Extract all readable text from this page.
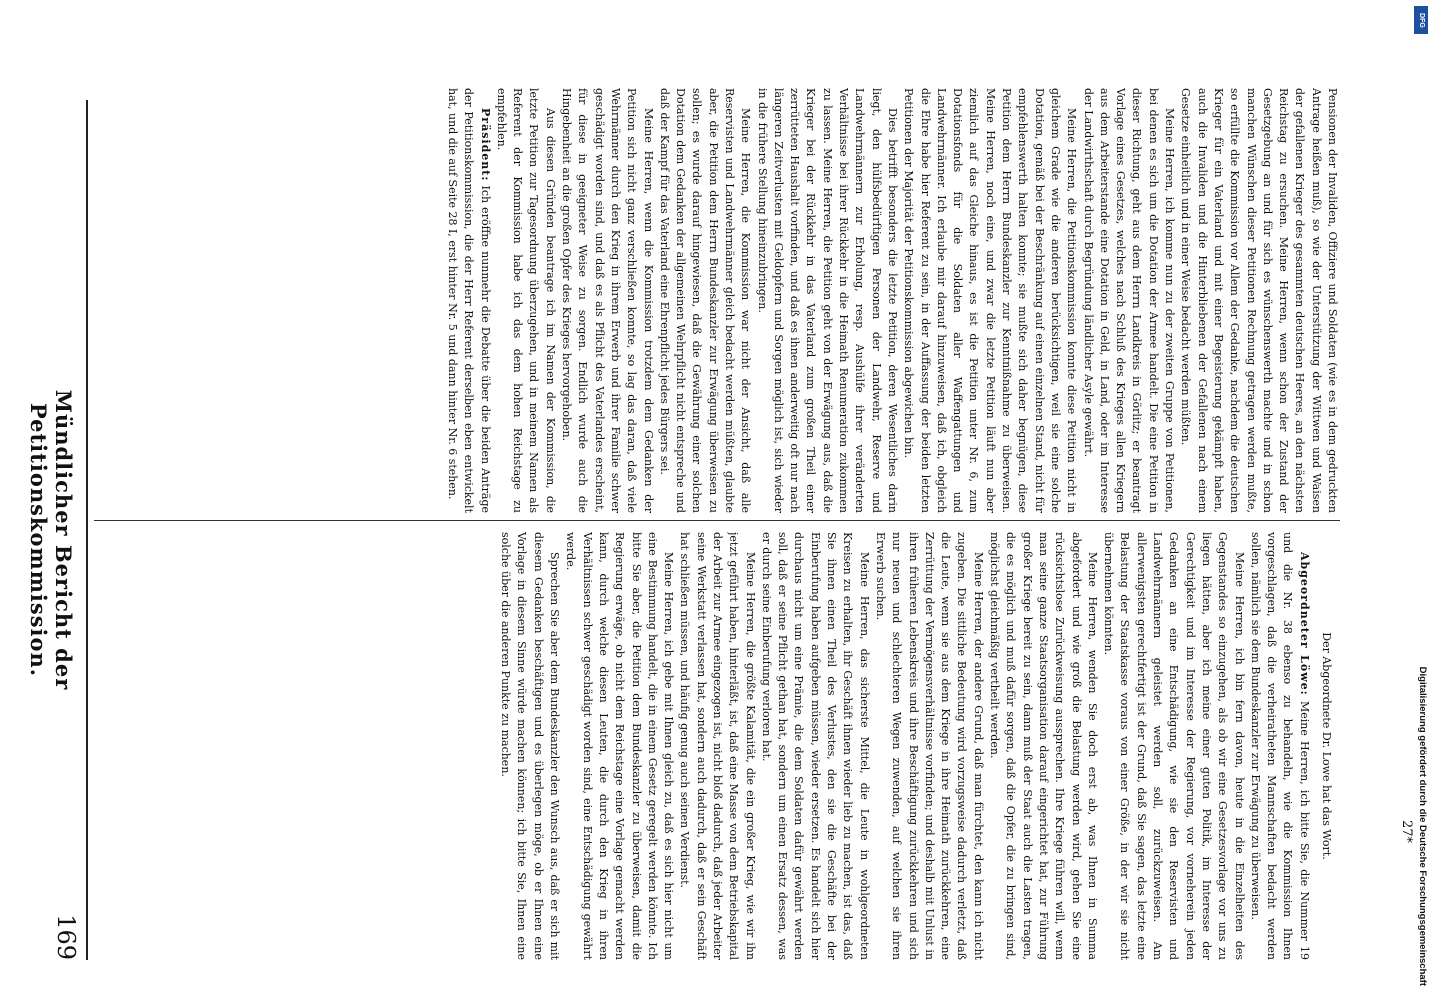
Mündlicher Bericht der Petitionskommission.
169

Pensionen der Invaliden, Offiziere und Soldaten (wie es in dem gedruckten Antrage heißen muß), so wie der Unterstützung der Wittwen und Waisen der gefallenen Krieger des gesammten deutschen Heeres, an den nächsten Reichstag zu ersuchen. Meine Herren, wenn schon der Zustand der Gesetzgebung an und für sich es wünschenswerth machte und in schon manchen Wünschen dieser Petitionen Rechnung getragen werden mußte, so erfüllte die Kommission vor Allem der Gedanke, nachdem die deutschen Krieger für ein Vaterland und mit einer Begeisterung gekämpft haben, auch die Invaliden und die Hinterbliebenen der Gefallenen nach einem Gesetze einheitlich und in einer Weise bedacht werden müßten.

Meine Herren, ich komme nun zu der zweiten Gruppe von Petitionen, bei denen es sich um die Dotation der Armee handelt. Die eine Petition in dieser Richtung, geht aus dem Herrn Landkreis in Görlitz; er beantragt Vorlage eines Gesetzes, welches nach Schluß des Krieges allen Kriegern aus dem Arbeiterstande eine Dotation in Geld, in Land, oder im Interesse der Landwirthschaft durch Begründung ländlicher Asyle gewährt.

Meine Herren, die Petitionskommission konnte diese Petition nicht in gleichem Grade wie die anderen berücksichtigen, weil sie eine solche Dotation, gemäß bei der Beschränkung auf einen einzelnen Stand, nicht für empfehlenswerth halten konnte; sie mußte sich daher begnügen, diese Petition dem Herrn Bundeskanzler zur Kenntnißnahme zu überweisen. Meine Herren, noch eine, und zwar die letzte Petition läuft nun aber ziemlich auf das Gleiche hinaus, es ist die Petition unter Nr. 6, zum Dotationsfonds für die Soldaten aller Waffengattungen und Landwehrmänner. Ich erlaube mir darauf hinzuweisen, daß ich, obgleich die Ehre habe hier Referent zu sein, in der Auffassung der beiden letzten Petitionen der Majorität der Petitionskommission abgewichen bin.

Dies betrifft besonders die letzte Petition, deren Wesentliches darin liegt, den hülfsbedürftigen Personen der Landwehr, Reserve und Landwehrmännern zur Erholung, resp. Aushülfe ihrer veränderten Verhältnisse bei ihrer Rückkehr in die Heimath Renumeration zukommen zu lassen. Meine Herren, die Petition geht von der Erwägung aus, daß die Krieger bei der Rückkehr in das Vaterland zum großen Theil einer zerrütteten Haushalt vorfinden, und daß es ihnen anderweitig oft nur nach längeren Zeitverlusten mit Geldopfern und Sorgen möglich ist, sich wieder in die frühere Stellung hineinzubringen.

Meine Herren, die Kommission war nicht der Ansicht, daß alle Reservisten und Landwehrmänner gleich bedacht werden müßten, glaubte aber, die Petition dem Herrn Bundeskanzler zur Erwägung überweisen zu sollen; es wurde darauf hingewiesen, daß die Gewährung einer solchen Dotation dem Gedanken der allgemeinen Wehrpflicht nicht entspreche und daß der Kampf für das Vaterland eine Ehrenpflicht jedes Bürgers sei.

Meine Herren, wenn die Kommission trotzdem dem Gedanken der Petition sich nicht ganz verschließen konnte, so lag das daran, daß viele Wehrmänner durch den Krieg in ihrem Erwerb und ihrer Familie schwer geschädigt worden sind, und daß es als Pflicht des Vaterlandes erscheint, für diese in geeigneter Weise zu sorgen. Endlich wurde auch die Hingebenheit an die großen Opfer des Krieges hervorgehoben.

Aus diesen Gründen beantrage ich im Namen der Kommission, die letzte Petition zur Tagesordnung überzugehen, und in meinem Namen als Referent der Kommission habe ich das dem hohen Reichstage zu empfehlen.

Präsident: Ich eröffne nunmehr die Debatte über die beiden Anträge der Petitionskommission, die der Herr Referent derselben eben entwickelt hat, und die auf Seite 28 I, erst hinter Nr. 5 und dann hinter Nr. 6 stehen.

Der Abgeordnete Dr. Lowe hat das Wort.

Abgeordneter Löwe: Meine Herren, ich bitte Sie, die Nummer 19 und die Nr. 38 ebenso zu behandeln, wie die Kommission Ihnen vorgeschlagen, daß die verheiratheten Mannschaften bedacht werden sollen, nämlich sie dem Bundeskanzler zur Erwägung zu überweisen.

Meine Herren, ich bin fern davon, heute in die Einzelheiten des Gegenstandes so einzugehen, als ob wir eine Gesetzesvorlage vor uns zu liegen hätten, aber ich meine einer guten Politik, im Interesse der Gerechtigkeit und im Interesse der Regierung, vor vorneherein jeden Gedanken an eine Entschädigung, wie sie den Reservisten und Landwehrmännern geleistet werden soll, zurückzuweisen. Am allerwenigsten gerechtfertigt ist der Grund, daß Sie sagen, das letzte eine Belastung der Staatskasse voraus von einer Größe, in der wir sie nicht übernehmen könnten.

Meine Herren, wenden Sie doch erst ab, was Ihnen in Summa abgefordert und wie groß die Belastung werden wird, gehen Sie eine rücksichtslose Zurückweisung aussprechen. Ihre Kriege führen will, wenn man seine ganze Staatsorganisation darauf eingerichtet hat, zur Führung großer Kriege bereit zu sein, dann muß der Staat auch die Lasten tragen, die es möglich und muß dafür sorgen, daß die Opfer, die zu bringen sind, möglichst gleichmäßig vertheilt werden.

Meine Herren, der andere Grund, daß man fürchtet, den kann ich nicht zugeben. Die sittliche Bedeutung wird vorzugsweise dadurch verletzt, daß die Leute, wenn sie aus dem Kriege in ihre Heimath zurückkehren, eine Zerrüttung der Vermögensverhältnisse vorfinden; und deshalb mit Unlust in ihren früheren Lebenskreis und ihre Beschäftigung zurückkehren und sich nur neuen und schlechteren Wegen zuwenden, auf welchen sie ihren Erwerb suchen.

Meine Herren, das sicherste Mittel, die Leute in wohlgeordneten Kreisen zu erhalten, ihr Geschäft ihnen wieder lieb zu machen, ist das, daß Sie ihnen einen Theil des Verlustes, den sie die Geschäfte bei der Einberufung haben aufgeben müssen, wieder ersetzen. Es handelt sich hier durchaus nicht um eine Prämie, die dem Soldaten dafür gewährt werden soll, daß er seine Pflicht gethan hat, sondern um einen Ersatz dessen, was er durch seine Einberufung verloren hat.

Meine Herren, die größte Kalamität, die ein großer Krieg, wie wir ihn jetzt geführt haben, hinterläßt, ist, daß eine Masse von dem Betriebskapital der Arbeit zur Armee eingezogen ist, nicht bloß dadurch, daß jeder Arbeiter seine Werkstatt verlassen hat, sondern auch dadurch, daß er sein Geschäft hat schließen müssen, und häufig genug auch seinen Verdienst.

Meine Herren, ich gebe mit Ihnen gleich zu, daß es sich hier nicht um eine Bestimmung handelt, die in einem Gesetz geregelt werden könnte. Ich bitte Sie aber, die Petition dem Bundeskanzler zu überweisen, damit die Regierung erwäge, ob nicht dem Reichstage eine Vorlage gemacht werden kann, durch welche diesen Leuten, die durch den Krieg in ihren Verhältnissen schwer geschädigt worden sind, eine Entschädigung gewährt werde.

Sprechen Sie aber dem Bundeskanzler den Wunsch aus, daß er sich mit diesem Gedanken beschäftigen und es überlegen möge, ob er Ihnen eine Vorlage in diesem Sinne würde machen können; ich bitte Sie, Ihnen eine solche über die anderen Punkte zu machen.

27* Digitalisierung gefördert durch die Deutsche Forschungsgemeinschaft
DFG
